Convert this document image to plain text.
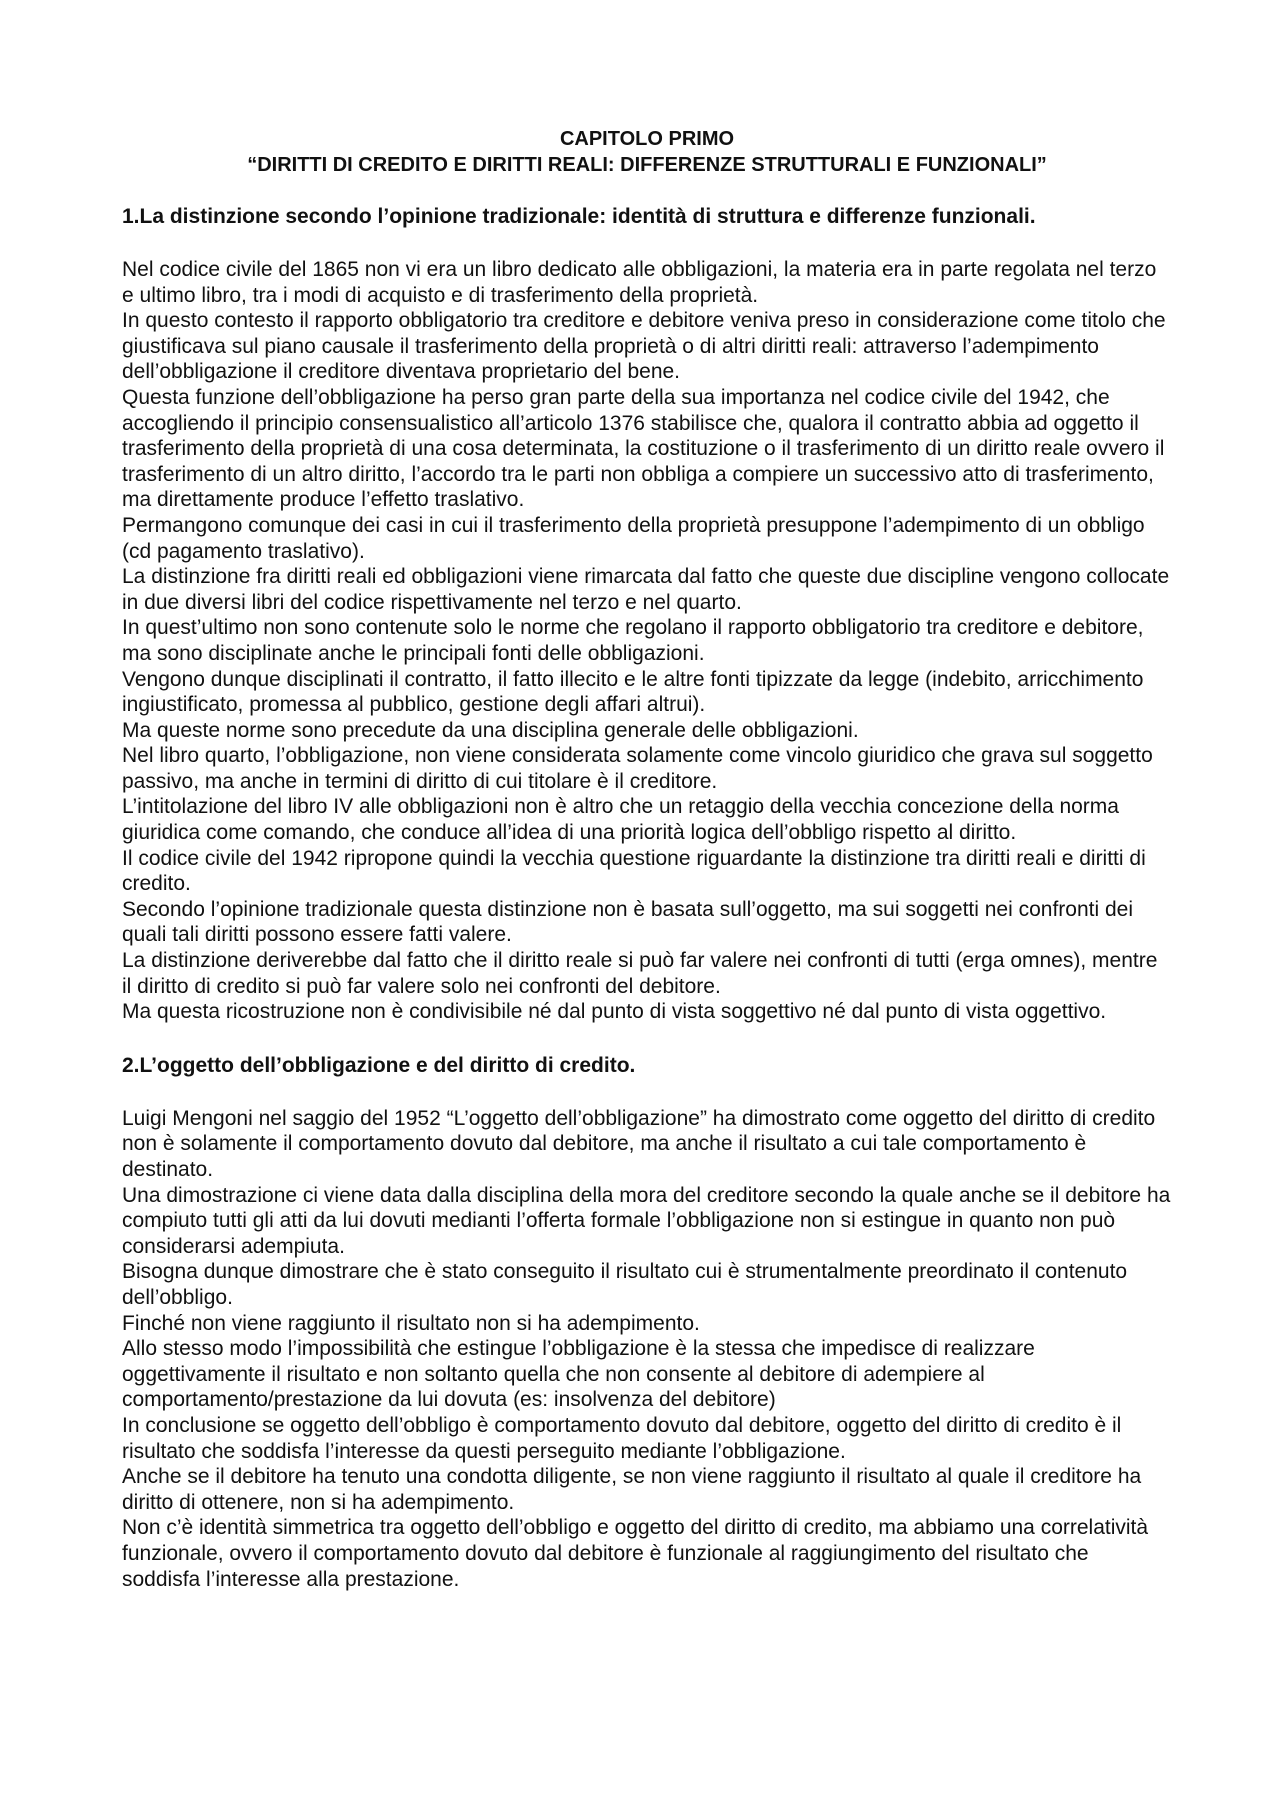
CAPITOLO PRIMO
“DIRITTI DI CREDITO E DIRITTI REALI: DIFFERENZE STRUTTURALI E FUNZIONALI”
1.La distinzione secondo l’opinione tradizionale: identità di struttura e differenze funzionali.

Nel codice civile del 1865 non vi era un libro dedicato alle obbligazioni, la materia era in parte regolata nel terzo e ultimo libro, tra i modi di acquisto e di trasferimento della proprietà.

In questo contesto il rapporto obbligatorio tra creditore e debitore veniva preso in considerazione come titolo che giustificava sul piano causale il trasferimento della proprietà o di altri diritti reali: attraverso l’adempimento dell’obbligazione il creditore diventava proprietario del bene.

Questa funzione dell’obbligazione ha perso gran parte della sua importanza nel codice civile del 1942, che accogliendo il principio consensualistico all’articolo 1376 stabilisce che, qualora il contratto abbia ad oggetto il trasferimento della proprietà di una cosa determinata, la costituzione o il trasferimento di un diritto reale ovvero il trasferimento di un altro diritto, l’accordo tra le parti non obbliga a compiere un successivo atto di trasferimento, ma direttamente produce l’effetto traslativo.

Permangono comunque dei casi in cui il trasferimento della proprietà presuppone l’adempimento di un obbligo (cd pagamento traslativo).

La distinzione fra diritti reali ed obbligazioni viene rimarcata dal fatto che queste due discipline vengono collocate in due diversi libri del codice rispettivamente nel terzo e nel quarto.

In quest’ultimo non sono contenute solo le norme che regolano il rapporto obbligatorio tra creditore e debitore, ma sono disciplinate anche le principali fonti delle obbligazioni.

Vengono dunque disciplinati il contratto, il fatto illecito e le altre fonti tipizzate da legge (indebito, arricchimento ingiustificato, promessa al pubblico, gestione degli affari altrui).

Ma queste norme sono precedute da una disciplina generale delle obbligazioni.

Nel libro quarto, l’obbligazione, non viene considerata solamente come vincolo giuridico che grava sul soggetto passivo, ma anche in termini di diritto di cui titolare è il creditore.

L’intitolazione del libro IV alle obbligazioni non è altro che un retaggio della vecchia concezione della norma giuridica come comando, che conduce all’idea di una priorità logica dell’obbligo rispetto al diritto.

Il codice civile del 1942 ripropone quindi la vecchia questione riguardante la distinzione tra diritti reali e diritti di credito.

Secondo l’opinione tradizionale questa distinzione non è basata sull’oggetto, ma sui soggetti nei confronti dei quali tali diritti possono essere fatti valere.

La distinzione deriverebbe dal fatto che il diritto reale si può far valere nei confronti di tutti (erga omnes), mentre il diritto di credito si può far valere solo nei confronti del debitore.

Ma questa ricostruzione non è condivisibile né dal punto di vista soggettivo né dal punto di vista oggettivo.

2.L’oggetto dell’obbligazione e del diritto di credito.

Luigi Mengoni nel saggio del 1952 “L’oggetto dell’obbligazione” ha dimostrato come oggetto del diritto di credito non è solamente il comportamento dovuto dal debitore, ma anche il risultato a cui tale comportamento è destinato.

Una dimostrazione ci viene data dalla disciplina della mora del creditore secondo la quale anche se il debitore ha compiuto tutti gli atti da lui dovuti medianti l’offerta formale l’obbligazione non si estingue in quanto non può considerarsi adempiuta.

Bisogna dunque dimostrare che è stato conseguito il risultato cui è strumentalmente preordinato il contenuto dell’obbligo.

Finché non viene raggiunto il risultato non si ha adempimento.

Allo stesso modo l’impossibilità che estingue l’obbligazione è la stessa che impedisce di realizzare oggettivamente il risultato e non soltanto quella che non consente al debitore di adempiere al comportamento/prestazione da lui dovuta (es: insolvenza del debitore)

In conclusione se oggetto dell’obbligo è comportamento dovuto dal debitore, oggetto del diritto di credito è il risultato che soddisfa l’interesse da questi perseguito mediante l’obbligazione.

Anche se il debitore ha tenuto una condotta diligente, se non viene raggiunto il risultato al quale il creditore ha diritto di ottenere, non si ha adempimento.

Non c’è identità simmetrica tra oggetto dell’obbligo e oggetto del diritto di credito, ma abbiamo una correlatività funzionale, ovvero il comportamento dovuto dal debitore è funzionale al raggiungimento del risultato che soddisfa l’interesse alla prestazione.
